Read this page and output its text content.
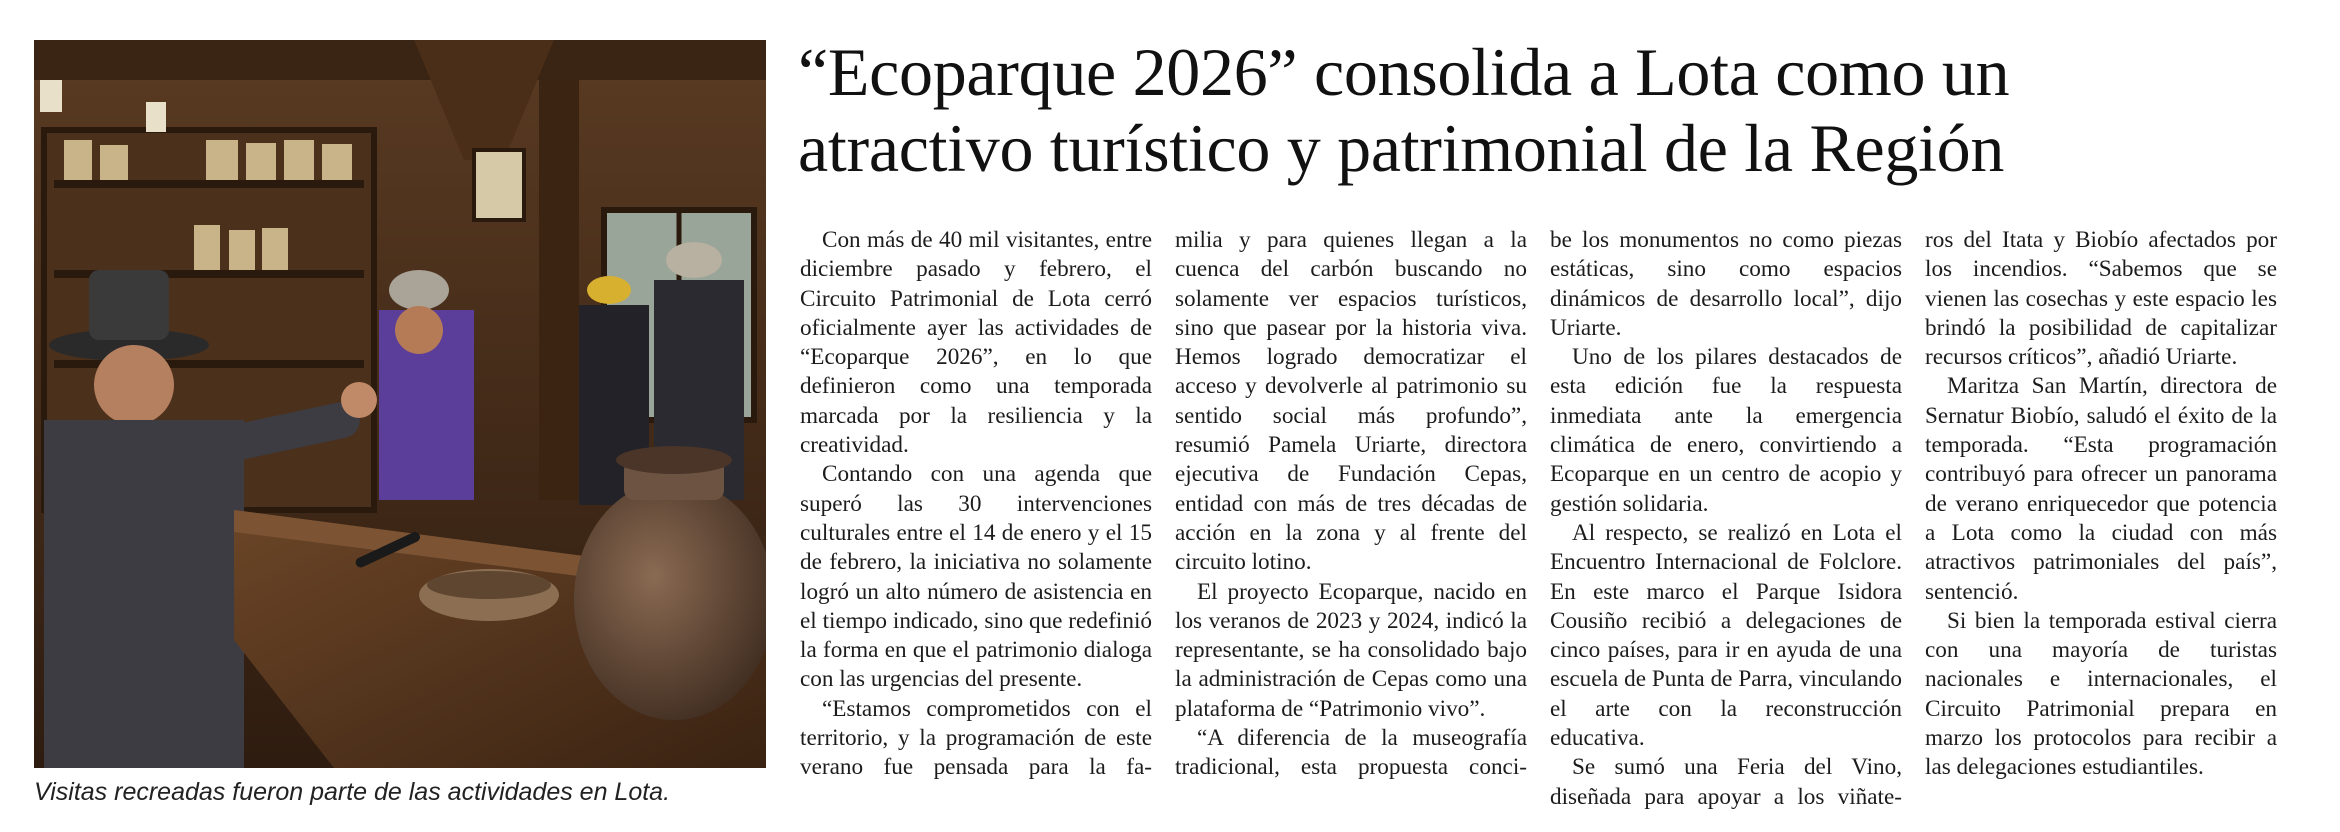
Visitas recreadas fueron parte de las actividades en Lota.
“Ecoparque 2026” consolida a Lota como un
atractivo turístico y patrimonial de la Región

Con más de 40 mil visitantes, entre diciembre pasado y febrero, el Circuito Patrimonial de Lota cerró oficialmente ayer las actividades de “Ecoparque 2026”, en lo que definieron como una temporada marcada por la resiliencia y la creatividad.

Contando con una agenda que superó las 30 intervenciones culturales entre el 14 de enero y el 15 de febrero, la iniciativa no solamente logró un alto número de asistencia en el tiempo indicado, sino que redefinió la forma en que el patrimonio dialoga con las urgencias del presente.

“Estamos comprometidos con el territorio, y la programación de este verano fue pensada para la fa-

milia y para quienes llegan a la cuenca del carbón buscando no solamente ver espacios turísticos, sino que pasear por la historia viva. Hemos logrado democratizar el acceso y devolverle al patrimonio su sentido social más profundo”, resumió Pamela Uriarte, directora ejecutiva de Fundación Cepas, entidad con más de tres décadas de acción en la zona y al frente del circuito lotino.

El proyecto Ecoparque, nacido en los veranos de 2023 y 2024, indicó la representante, se ha consolidado bajo la administración de Cepas como una plataforma de “Patrimonio vivo”.

“A diferencia de la museografía tradicional, esta propuesta conci-

be los monumentos no como piezas estáticas, sino como espacios dinámicos de desarrollo local”, dijo Uriarte.

Uno de los pilares destacados de esta edición fue la respuesta inmediata ante la emergencia climática de enero, convirtiendo a Ecoparque en un centro de acopio y gestión solidaria.

Al respecto, se realizó en Lota el Encuentro Internacional de Folclore. En este marco el Parque Isidora Cousiño recibió a delegaciones de cinco países, para ir en ayuda de una escuela de Punta de Parra, vinculando el arte con la reconstrucción educativa.

Se sumó una Feria del Vino, diseñada para apoyar a los viñate-

ros del Itata y Biobío afectados por los incendios. “Sabemos que se vienen las cosechas y este espacio les brindó la posibilidad de capitalizar recursos críticos”, añadió Uriarte.

Maritza San Martín, directora de Sernatur Biobío, saludó el éxito de la temporada. “Esta programación contribuyó para ofrecer un panorama de verano enriquecedor que potencia a Lota como la ciudad con más atractivos patrimoniales del país”, sentenció.

Si bien la temporada estival cierra con una mayoría de turistas nacionales e internacionales, el Circuito Patrimonial prepara en marzo los protocolos para recibir a las delegaciones estudiantiles.
